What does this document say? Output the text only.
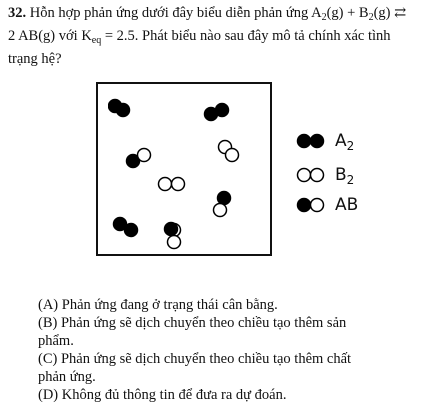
32. Hỗn hợp phản ứng dưới đây biểu diễn phản ứng $A_2(g) + B_2(g)$ ⇄ 2 AB(g) với $K_{eq} = 2.5$. Phát biểu nào sau đây mô tả chính xác tình trạng hệ?
$A_2$
$B_2$
AB

(A) Phản ứng đang ở trạng thái cân bằng.

(B) Phản ứng sẽ dịch chuyển theo chiều tạo thêm sản
phẩm.

(C) Phản ứng sẽ dịch chuyển theo chiều tạo thêm chất
phản ứng.

(D) Không đủ thông tin để đưa ra dự đoán.
